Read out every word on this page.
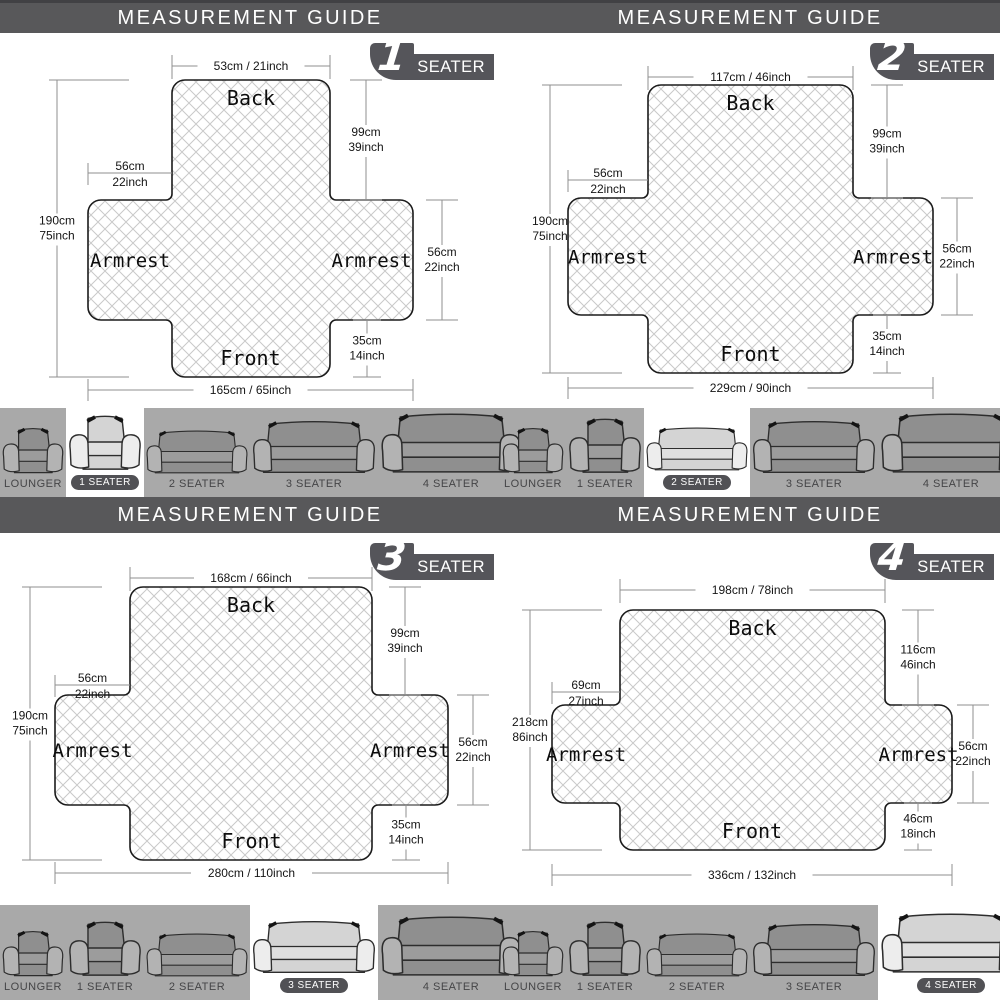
MEASUREMENT GUIDE	MEASUREMENT GUIDE
Back
Front
Armrest	Armrest
53cm / 21inch
99cm
39inch
56cm
22inch
190cm
75inch
56cm
22inch
35cm
14inch
165cm / 65inch
1 SEATER
Back
Front
Armrest	Armrest
117cm / 46inch
99cm
39inch
56cm
22inch
190cm
75inch
56cm
22inch
35cm
14inch
229cm / 90inch
2 SEATER
LOUNGER	1 SEATER	2 SEATER	3 SEATER	4 SEATER LOUNGER 1 SEATER	2 SEATER	3 SEATER	4 SEATER
MEASUREMENT GUIDE	MEASUREMENT GUIDE
Back
Front
Armrest	Armrest
168cm / 66inch
99cm
39inch
56cm
22inch
190cm
75inch
56cm
22inch
35cm
14inch
280cm / 110inch
3 SEATER
Back
Front
Armrest	Armrest
198cm / 78inch
116cm
46inch
69cm
27inch
218cm
86inch
56cm
22inch
46cm
18inch
336cm / 132inch
4 SEATER
LOUNGER 1 SEATER	2 SEATER	3 SEATER	4 SEATER LOUNGER 1 SEATER	2 SEATER	3 SEATER	4 SEATER
